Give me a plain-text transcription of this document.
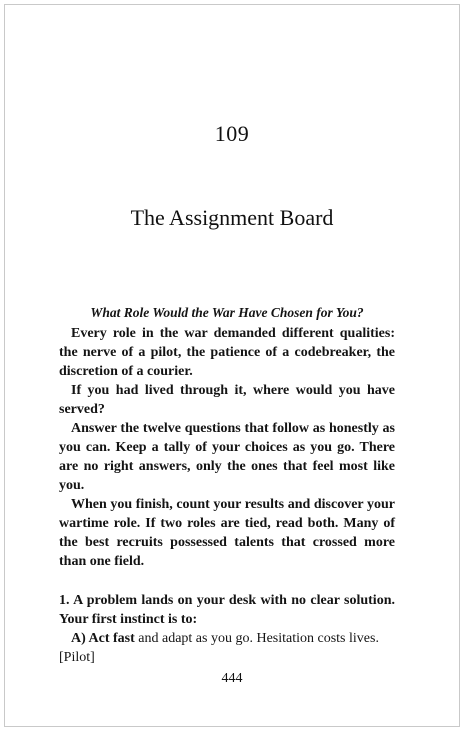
109
The Assignment Board

What Role Would the War Have Chosen for You?

Every role in the war demanded different qualities: the nerve of a pilot, the patience of a codebreaker, the discretion of a courier.

If you had lived through it, where would you have served?

Answer the twelve questions that follow as honestly as you can. Keep a tally of your choices as you go. There are no right answers, only the ones that feel most like you.

When you finish, count your results and discover your wartime role. If two roles are tied, read both. Many of the best recruits possessed talents that crossed more than one field.

1. A problem lands on your desk with no clear solution. Your first instinct is to:

A) Act fast and adapt as you go. Hesitation costs lives.
[Pilot]

444
